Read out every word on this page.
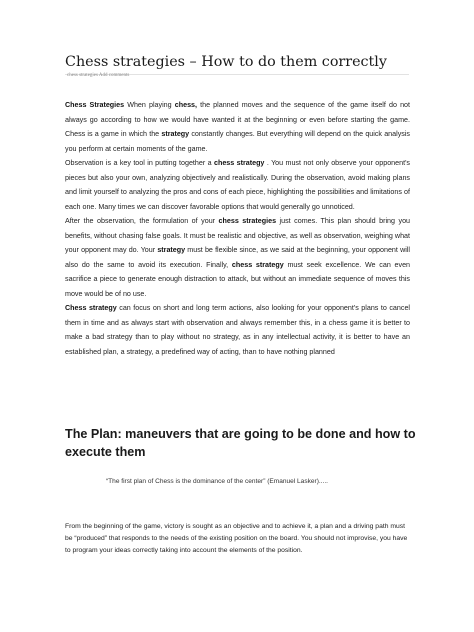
Chess strategies – How to do them correctly
chess strategies Add comments
Chess Strategies When playing chess, the planned moves and the sequence of the game itself do not always go according to how we would have wanted it at the beginning or even before starting the game. Chess is a game in which the strategy constantly changes. But everything will depend on the quick analysis you perform at certain moments of the game.
Observation is a key tool in putting together a chess strategy . You must not only observe your opponent's pieces but also your own, analyzing objectively and realistically. During the observation, avoid making plans and limit yourself to analyzing the pros and cons of each piece, highlighting the possibilities and limitations of each one. Many times we can discover favorable options that would generally go unnoticed.
After the observation, the formulation of your chess strategies just comes. This plan should bring you benefits, without chasing false goals. It must be realistic and objective, as well as observation, weighing what your opponent may do. Your strategy must be flexible since, as we said at the beginning, your opponent will also do the same to avoid its execution. Finally, chess strategy must seek excellence. We can even sacrifice a piece to generate enough distraction to attack, but without an immediate sequence of moves this move would be of no use.
Chess strategy can focus on short and long term actions, also looking for your opponent's plans to cancel them in time and as always start with observation and always remember this, in a chess game it is better to make a bad strategy than to play without no strategy, as in any intellectual activity, it is better to have an established plan, a strategy, a predefined way of acting, than to have nothing planned
The Plan: maneuvers that are going to be done and how to execute them
“The first plan of Chess is the dominance of the center” (Emanuel Lasker).....

From the beginning of the game, victory is sought as an objective and to achieve it, a plan and a driving path must be “produced” that responds to the needs of the existing position on the board. You should not improvise, you have to program your ideas correctly taking into account the elements of the position.
